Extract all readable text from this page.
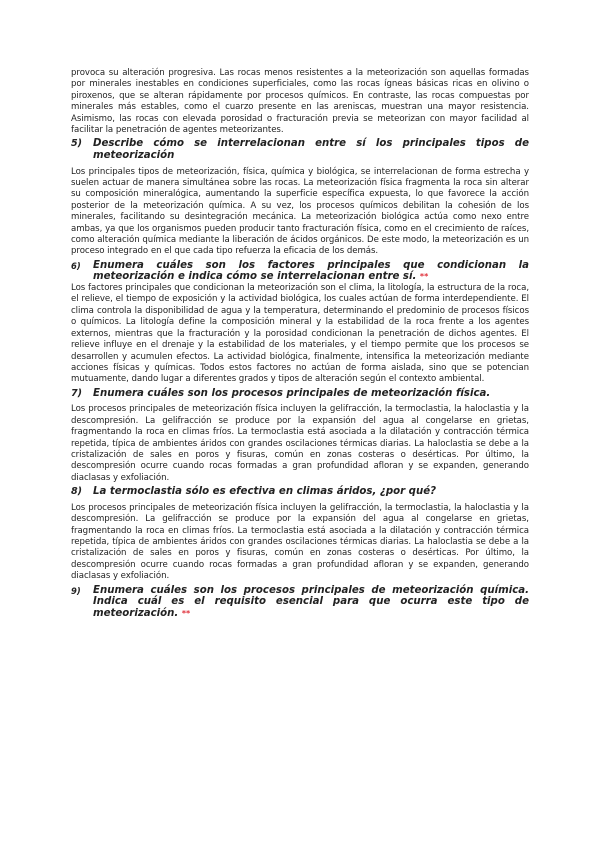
provoca su alteración progresiva. Las rocas menos resistentes a la meteorización son aquellas formadas por minerales inestables en condiciones superficiales, como las rocas ígneas básicas ricas en olivino o piroxenos, que se alteran rápidamente por procesos químicos. En contraste, las rocas compuestas por minerales más estables, como el cuarzo presente en las areniscas, muestran una mayor resistencia. Asimismo, las rocas con elevada porosidad o fracturación previa se meteorizan con mayor facilidad al facilitar la penetración de agentes meteorizantes.

5)	Describe cómo se interrelacionan entre sí los principales tipos de meteorización

Los principales tipos de meteorización, física, química y biológica, se interrelacionan de forma estrecha y suelen actuar de manera simultánea sobre las rocas. La meteorización física fragmenta la roca sin alterar su composición mineralógica, aumentando la superficie específica expuesta, lo que favorece la acción posterior de la meteorización química. A su vez, los procesos químicos debilitan la cohesión de los minerales, facilitando su desintegración mecánica. La meteorización biológica actúa como nexo entre ambas, ya que los organismos pueden producir tanto fracturación física, como en el crecimiento de raíces, como alteración química mediante la liberación de ácidos orgánicos. De este modo, la meteorización es un proceso integrado en el que cada tipo refuerza la eficacia de los demás.

6)	Enumera cuáles son los factores principales que condicionan la meteorización e indica cómo se interrelacionan entre sí. **

Los factores principales que condicionan la meteorización son el clima, la litología, la estructura de la roca, el relieve, el tiempo de exposición y la actividad biológica, los cuales actúan de forma interdependiente. El clima controla la disponibilidad de agua y la temperatura, determinando el predominio de procesos físicos o químicos. La litología define la composición mineral y la estabilidad de la roca frente a los agentes externos, mientras que la fracturación y la porosidad condicionan la penetración de dichos agentes. El relieve influye en el drenaje y la estabilidad de los materiales, y el tiempo permite que los procesos se desarrollen y acumulen efectos. La actividad biológica, finalmente, intensifica la meteorización mediante acciones físicas y químicas. Todos estos factores no actúan de forma aislada, sino que se potencian mutuamente, dando lugar a diferentes grados y tipos de alteración según el contexto ambiental.

7)	Enumera cuáles son los procesos principales de meteorización física.

Los procesos principales de meteorización física incluyen la gelifracción, la termoclastia, la haloclastia y la descompresión. La gelifracción se produce por la expansión del agua al congelarse en grietas, fragmentando la roca en climas fríos. La termoclastia está asociada a la dilatación y contracción térmica repetida, típica de ambientes áridos con grandes oscilaciones térmicas diarias. La haloclastia se debe a la cristalización de sales en poros y fisuras, común en zonas costeras o desérticas. Por último, la descompresión ocurre cuando rocas formadas a gran profundidad afloran y se expanden, generando diaclasas y exfoliación.

8)	La termoclastia sólo es efectiva en climas áridos, ¿por qué?

Los procesos principales de meteorización física incluyen la gelifracción, la termoclastia, la haloclastia y la descompresión. La gelifracción se produce por la expansión del agua al congelarse en grietas, fragmentando la roca en climas fríos. La termoclastia está asociada a la dilatación y contracción térmica repetida, típica de ambientes áridos con grandes oscilaciones térmicas diarias. La haloclastia se debe a la cristalización de sales en poros y fisuras, común en zonas costeras o desérticas. Por último, la descompresión ocurre cuando rocas formadas a gran profundidad afloran y se expanden, generando diaclasas y exfoliación.

9)	Enumera cuáles son los procesos principales de meteorización química. Indica cuál es el requisito esencial para que ocurra este tipo de meteorización. **
